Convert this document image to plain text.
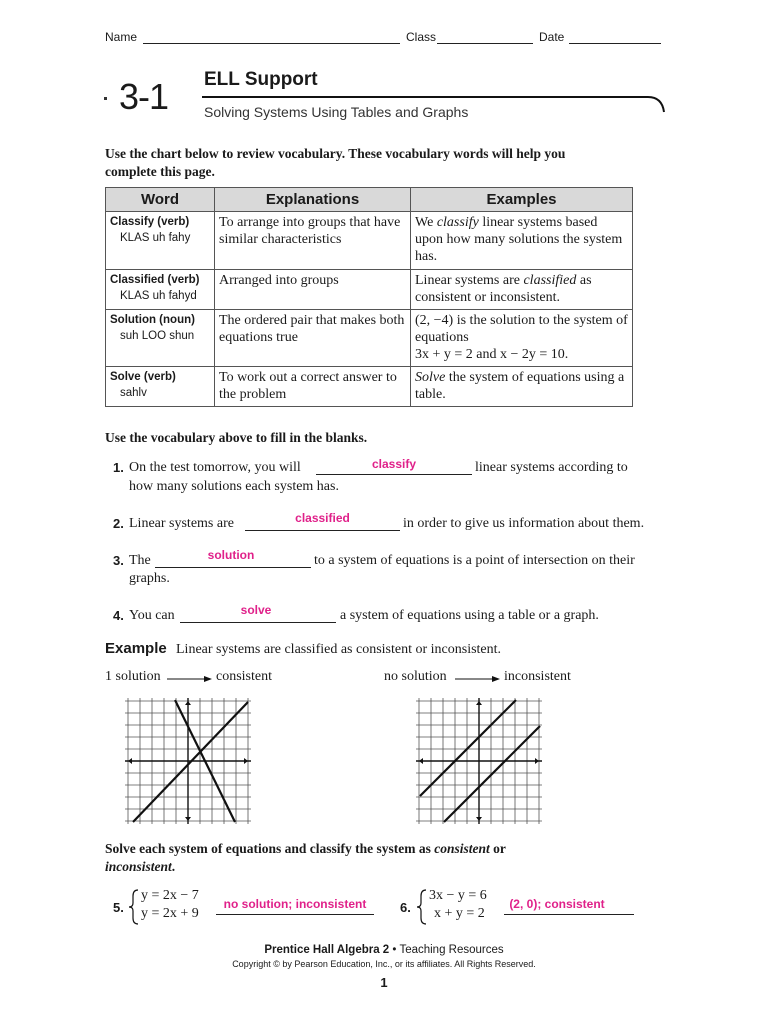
Name	Class	Date
3-1 ELL Support
Solving Systems Using Tables and Graphs
Use the chart below to review vocabulary. These vocabulary words will help you
complete this page.
Word	Explanations	Examples
Classify (verb)
KLAS uh fahy	To arrange into groups that have similar characteristics	We classify linear systems based upon how many solutions the system has.
Classified (verb)
KLAS uh fahyd	Arranged into groups	Linear systems are classified as consistent or inconsistent.
Solution (noun)
suh LOO shun	The ordered pair that makes both equations true	(2, −4) is the solution to the system of equations
3x + y = 2 and x − 2y = 10.
Solve (verb)
sahlv	To work out a correct answer to the problem	Solve the system of equations using a table.
Use the vocabulary above to fill in the blanks.
1. On the test tomorrow, you will	classify	linear systems according to
how many solutions each system has.
2. Linear systems are	classified	in order to give us information about them.
3. The	solution	to a system of equations is a point of intersection on their
graphs.
4. You can	solve	a system of equations using a table or a graph.
Example Linear systems are classified as consistent or inconsistent.
1 solution	consistent	no solution	inconsistent
Solve each system of equations and classify the system as consistent or
inconsistent.
5.
y = 2x − 7
y = 2x + 9
no solution; inconsistent	6.
3x − y = 6
x + y = 2
(2, 0); consistent
Prentice Hall Algebra 2 • Teaching Resources
Copyright © by Pearson Education, Inc., or its affiliates. All Rights Reserved.
1
